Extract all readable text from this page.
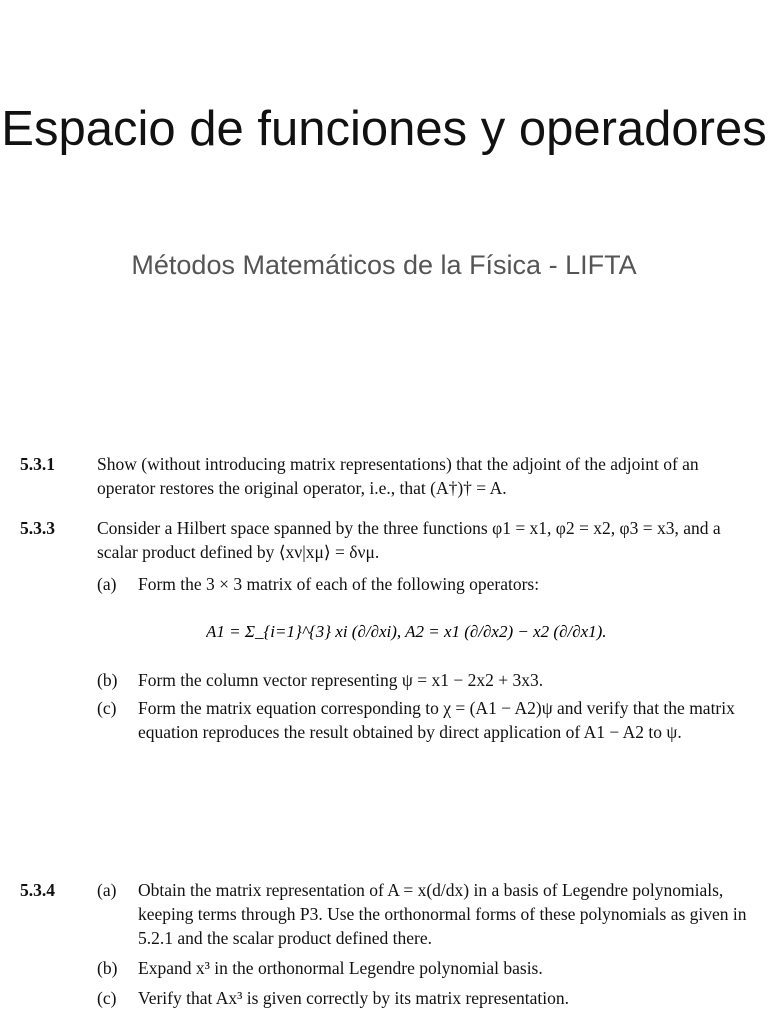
Espacio de funciones y operadores
Métodos Matemáticos de la Física - LIFTA
5.3.1 Show (without introducing matrix representations) that the adjoint of the adjoint of an operator restores the original operator, i.e., that (A†)† = A.
5.3.3 Consider a Hilbert space spanned by the three functions φ1 = x1, φ2 = x2, φ3 = x3, and a scalar product defined by ⟨xν|xμ⟩ = δνμ.
(a) Form the 3 × 3 matrix of each of the following operators:
A1 = Σ_{i=1}^{3} xi (∂/∂xi), A2 = x1 (∂/∂x2) − x2 (∂/∂x1).
(b) Form the column vector representing ψ = x1 − 2x2 + 3x3.
(c) Form the matrix equation corresponding to χ = (A1 − A2)ψ and verify that the matrix equation reproduces the result obtained by direct application of A1 − A2 to ψ.
5.3.4 (a) Obtain the matrix representation of A = x(d/dx) in a basis of Legendre polynomials, keeping terms through P3. Use the orthonormal forms of these polynomials as given in 5.2.1 and the scalar product defined there.
(b) Expand x³ in the orthonormal Legendre polynomial basis.
(c) Verify that Ax³ is given correctly by its matrix representation.
